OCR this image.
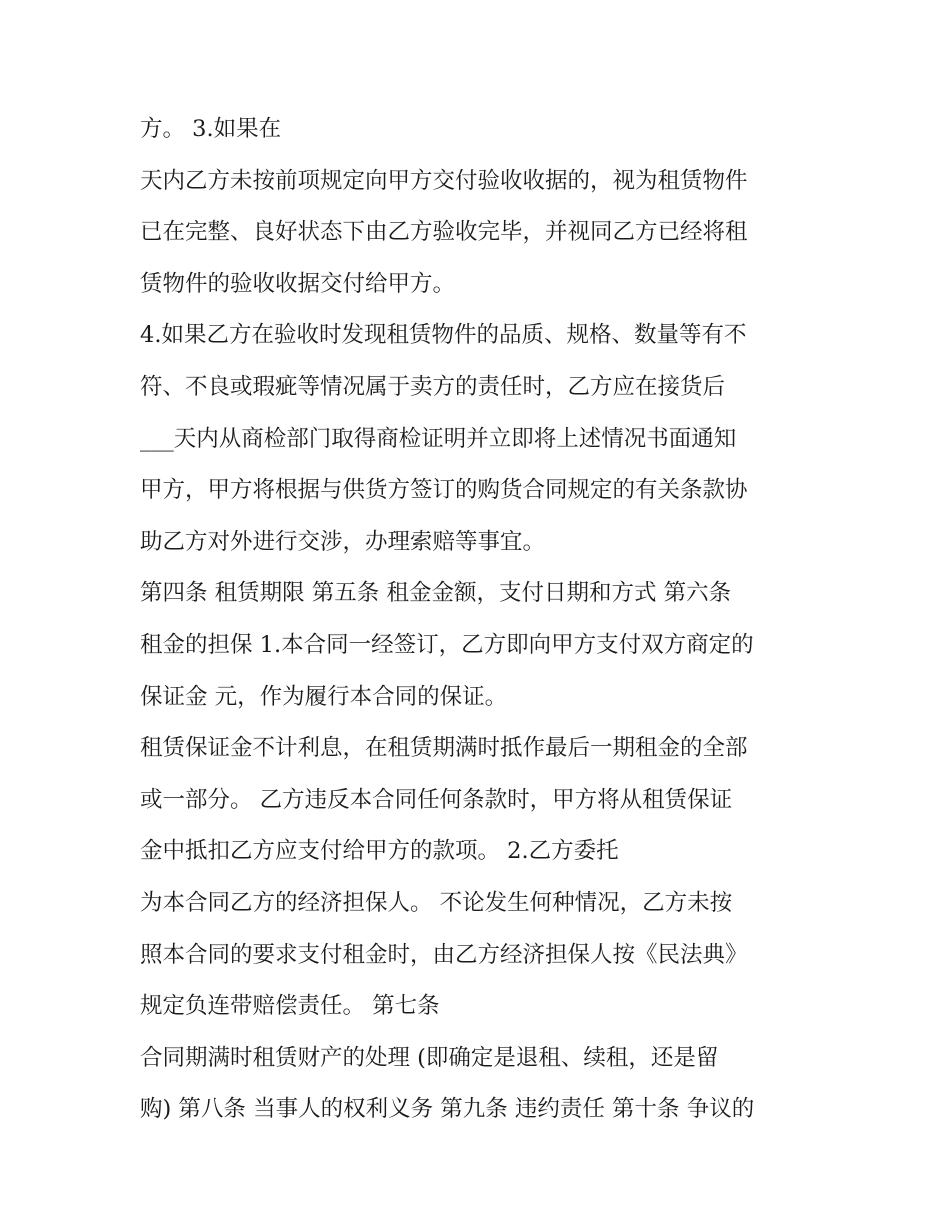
方。 3.如果在
天内乙方未按前项规定向甲方交付验收收据的，视为租赁物件
已在完整、良好状态下由乙方验收完毕，并视同乙方已经将租
赁物件的验收收据交付给甲方。
4.如果乙方在验收时发现租赁物件的品质、规格、数量等有不
符、不良或瑕疵等情况属于卖方的责任时，乙方应在接货后
___天内从商检部门取得商检证明并立即将上述情况书面通知
甲方，甲方将根据与供货方签订的购货合同规定的有关条款协
助乙方对外进行交涉，办理索赔等事宜。
第四条 租赁期限 第五条 租金金额，支付日期和方式 第六条
租金的担保 1.本合同一经签订，乙方即向甲方支付双方商定的
保证金 元，作为履行本合同的保证。
租赁保证金不计利息，在租赁期满时抵作最后一期租金的全部
或一部分。 乙方违反本合同任何条款时，甲方将从租赁保证
金中抵扣乙方应支付给甲方的款项。 2.乙方委托
为本合同乙方的经济担保人。 不论发生何种情况，乙方未按
照本合同的要求支付租金时，由乙方经济担保人按《民法典》
规定负连带赔偿责任。 第七条
合同期满时租赁财产的处理 (即确定是退租、续租，还是留
购) 第八条 当事人的权利义务 第九条 违约责任 第十条 争议的
